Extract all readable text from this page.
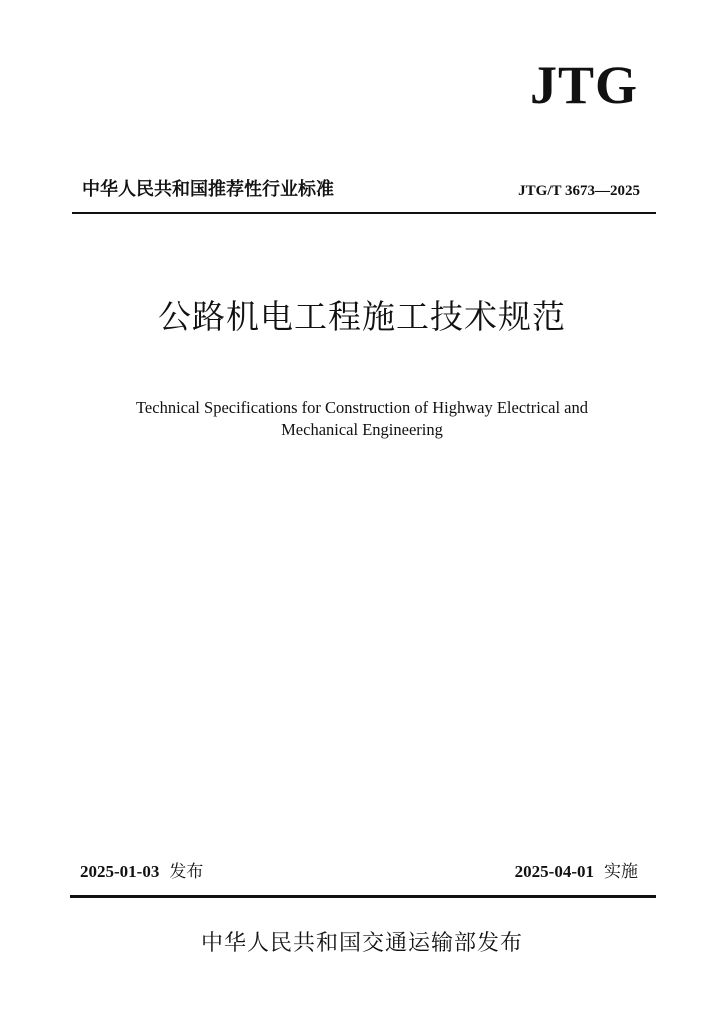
JTG
中华人民共和国推荐性行业标准	JTG/T 3673—2025
公路机电工程施工技术规范
Technical Specifications for Construction of Highway Electrical and
Mechanical Engineering
2025-01-03 发布	2025-04-01 实施
中华人民共和国交通运输部发布
